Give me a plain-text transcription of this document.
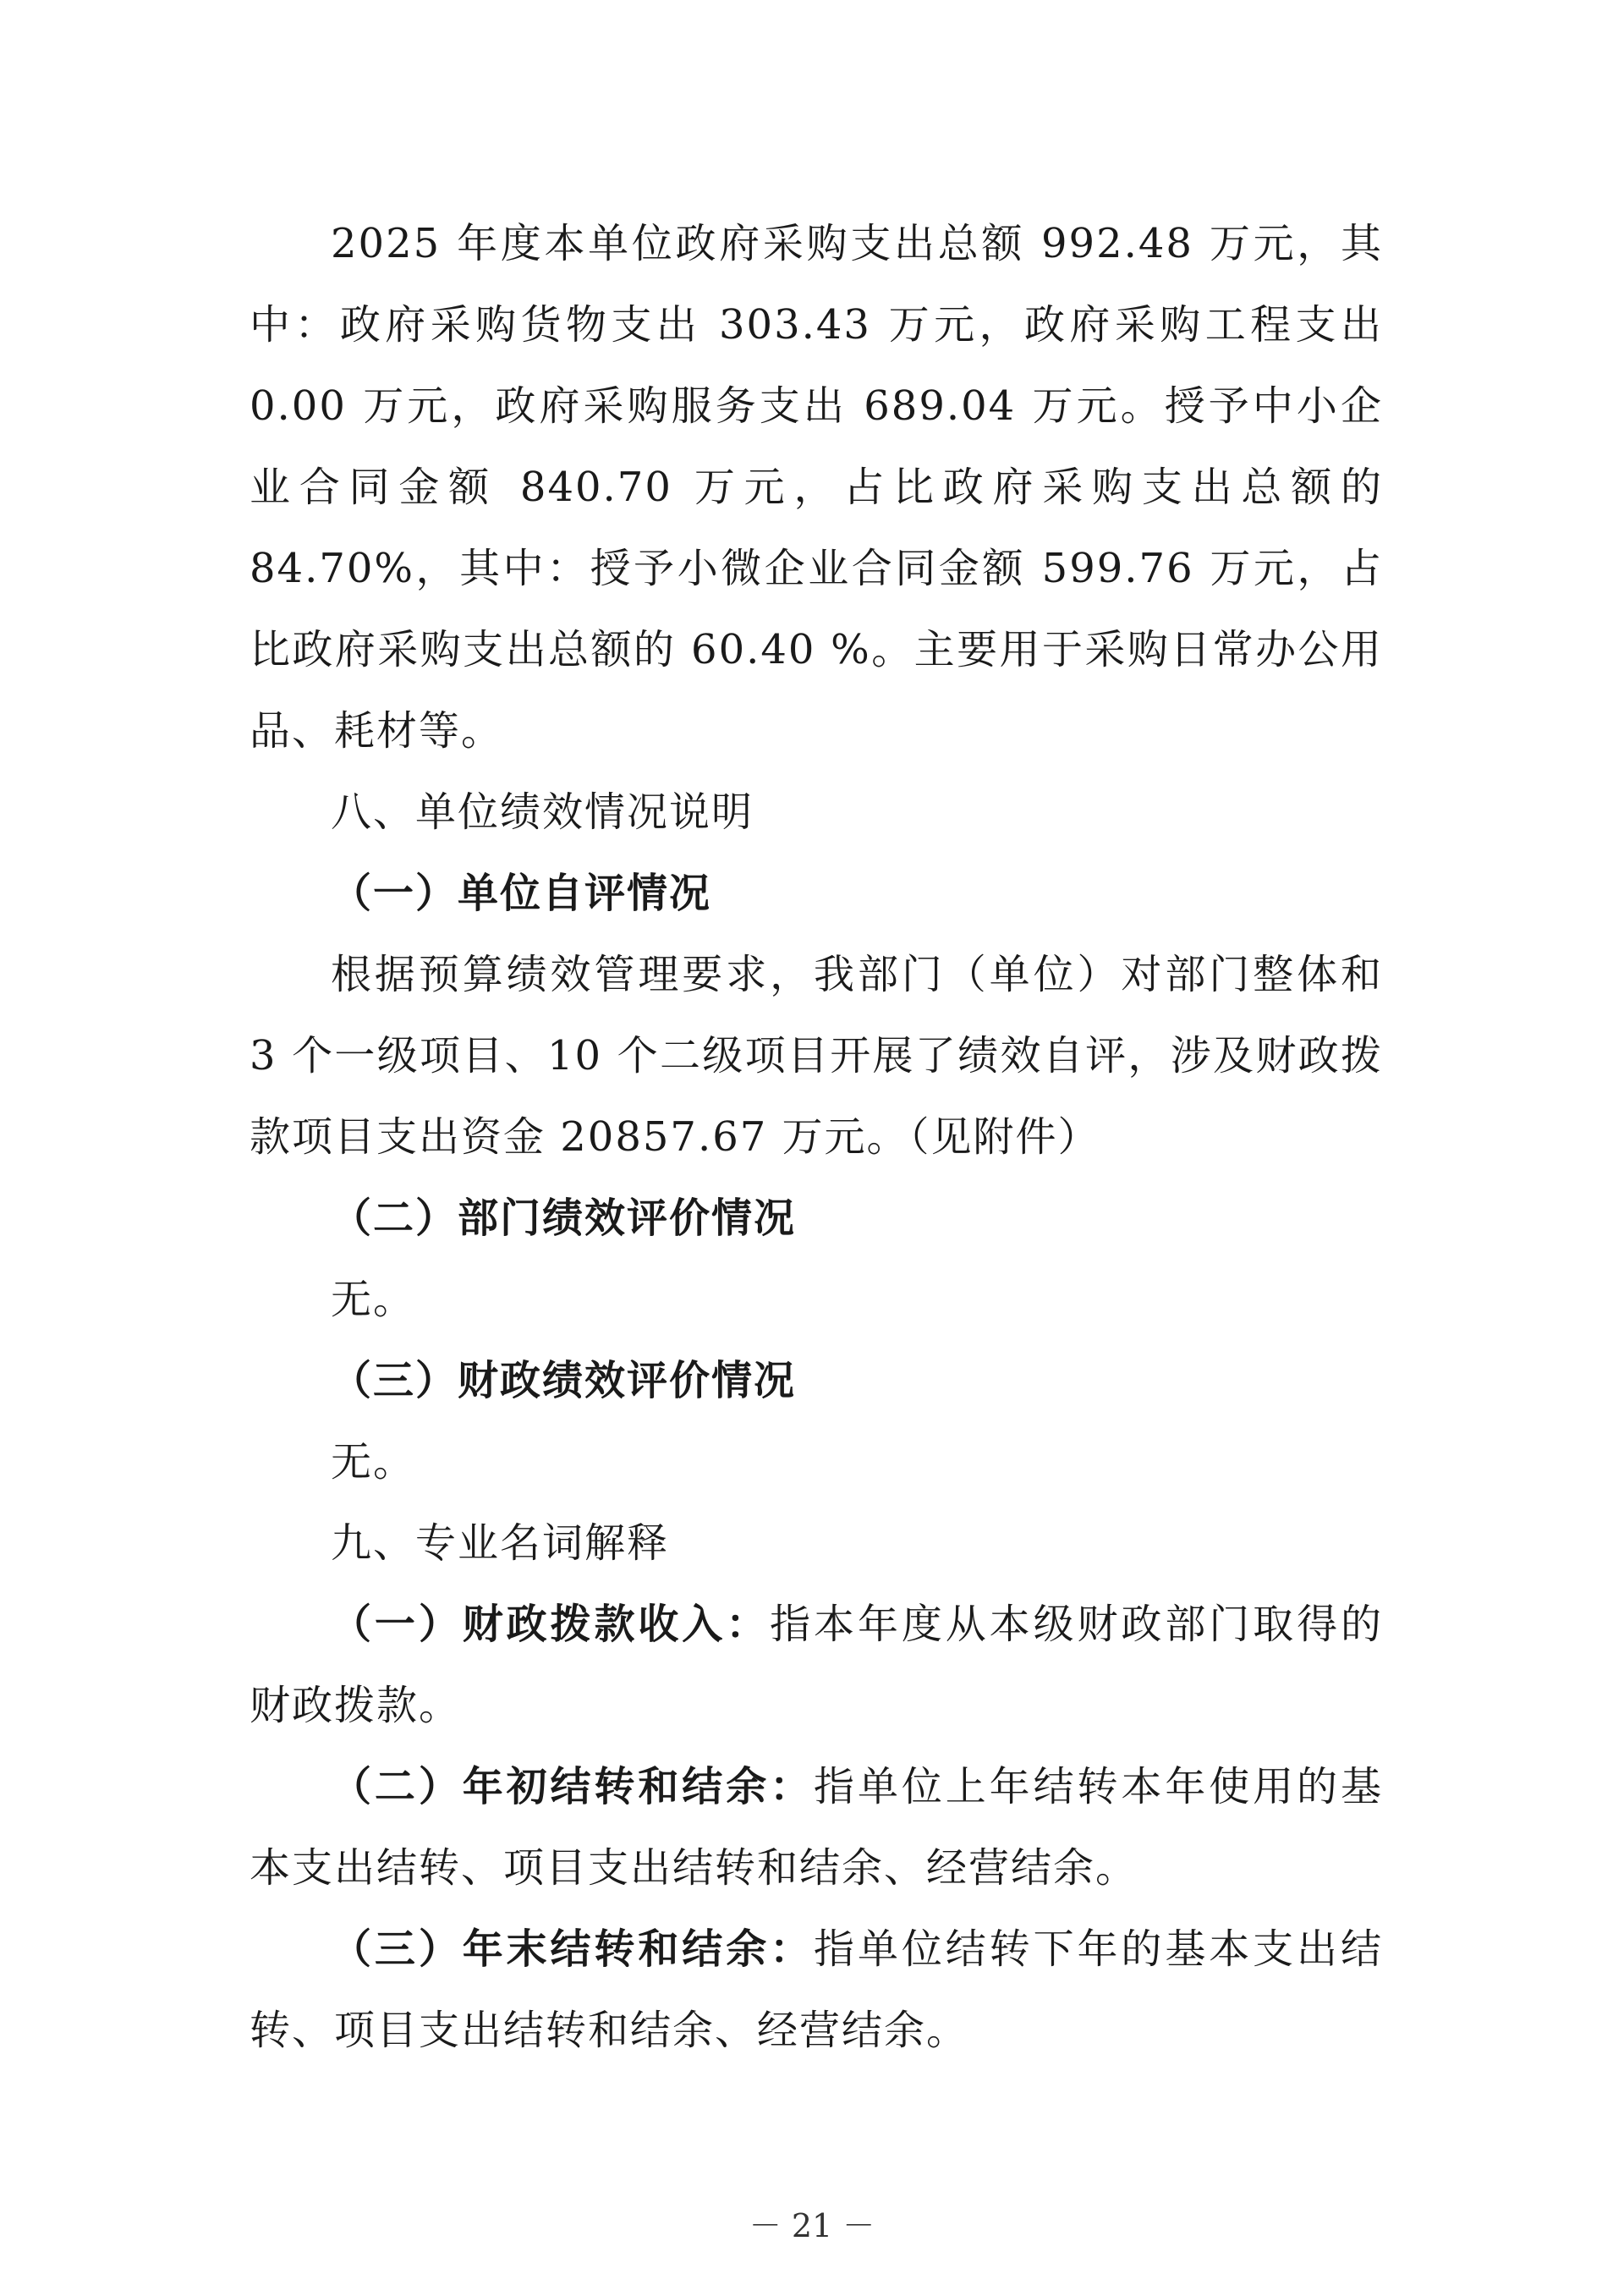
2025 年度本单位政府采购支出总额 992.48 万元，其中：政府采购货物支出 303.43 万元，政府采购工程支出 0.00 万元，政府采购服务支出 689.04 万元。授予中小企业合同金额 840.70 万元，占比政府采购支出总额的 84.70%，其中：授予小微企业合同金额 599.76 万元，占比政府采购支出总额的 60.40 %。主要用于采购日常办公用品、耗材等。

八、单位绩效情况说明

（一）单位自评情况

根据预算绩效管理要求，我部门（单位）对部门整体和 3 个一级项目、10 个二级项目开展了绩效自评，涉及财政拨款项目支出资金 20857.67 万元。（见附件）

（二）部门绩效评价情况

无。

（三）财政绩效评价情况

无。

九、专业名词解释

（一）财政拨款收入：指本年度从本级财政部门取得的财政拨款。

（二）年初结转和结余：指单位上年结转本年使用的基本支出结转、项目支出结转和结余、经营结余。

（三）年末结转和结余：指单位结转下年的基本支出结转、项目支出结转和结余、经营结余。

－ 21 －
